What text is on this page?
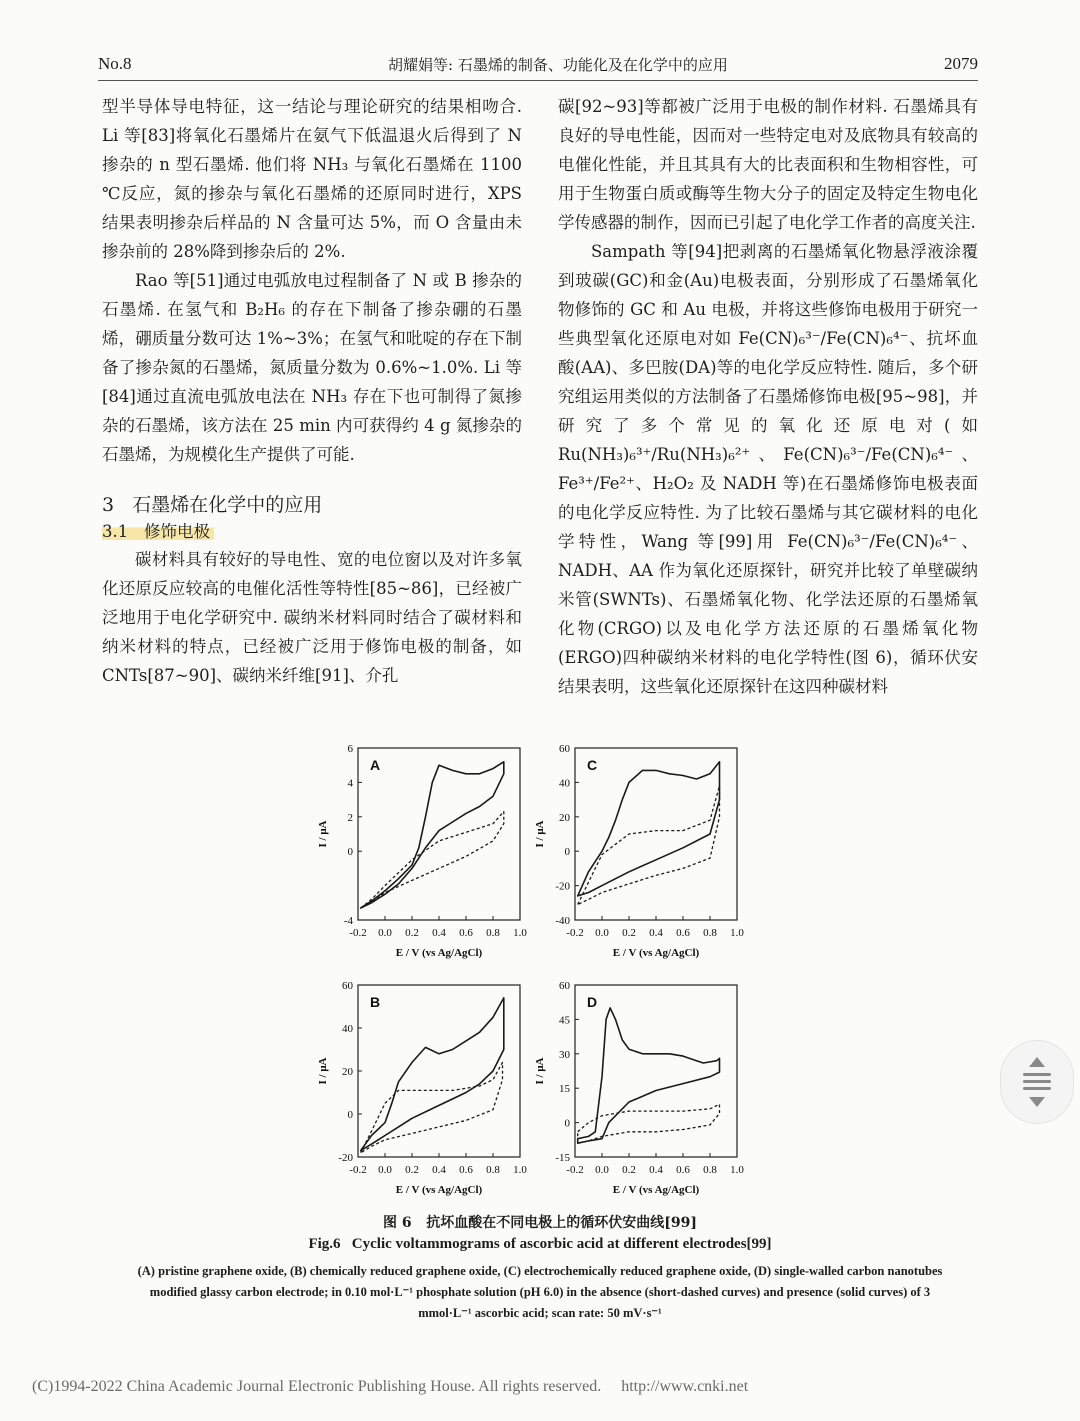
No.8	胡耀娟等: 石墨烯的制备、功能化及在化学中的应用	2079

型半导体导电特征，这一结论与理论研究的结果相吻合. Li 等[83]将氧化石墨烯片在氨气下低温退火后得到了 N 掺杂的 n 型石墨烯. 他们将 NH₃ 与氧化石墨烯在 1100 ℃反应，氮的掺杂与氧化石墨烯的还原同时进行，XPS 结果表明掺杂后样品的 N 含量可达 5%，而 O 含量由未掺杂前的 28%降到掺杂后的 2%.

Rao 等[51]通过电弧放电过程制备了 N 或 B 掺杂的石墨烯. 在氢气和 B₂H₆ 的存在下制备了掺杂硼的石墨烯，硼质量分数可达 1%~3%；在氢气和吡啶的存在下制备了掺杂氮的石墨烯，氮质量分数为 0.6%~1.0%. Li 等[84]通过直流电弧放电法在 NH₃ 存在下也可制得了氮掺杂的石墨烯，该方法在 25 min 内可获得约 4 g 氮掺杂的石墨烯，为规模化生产提供了可能.

3   石墨烯在化学中的应用
3.1   修饰电极

碳材料具有较好的导电性、宽的电位窗以及对许多氧化还原反应较高的电催化活性等特性[85~86]，已经被广泛地用于电化学研究中. 碳纳米材料同时结合了碳材料和纳米材料的特点，已经被广泛用于修饰电极的制备，如 CNTs[87~90]、碳纳米纤维[91]、介孔

碳[92~93]等都被广泛用于电极的制作材料. 石墨烯具有良好的导电性能，因而对一些特定电对及底物具有较高的电催化性能，并且其具有大的比表面积和生物相容性，可用于生物蛋白质或酶等生物大分子的固定及特定生物电化学传感器的制作，因而已引起了电化学工作者的高度关注.

Sampath 等[94]把剥离的石墨烯氧化物悬浮液涂覆到玻碳(GC)和金(Au)电极表面，分别形成了石墨烯氧化物修饰的 GC 和 Au 电极，并将这些修饰电极用于研究一些典型氧化还原电对如 Fe(CN)₆³⁻/Fe(CN)₆⁴⁻、抗坏血酸(AA)、多巴胺(DA)等的电化学反应特性. 随后，多个研究组运用类似的方法制备了石墨烯修饰电极[95~98]，并研究了多个常见的氧化还原电对(如 Ru(NH₃)₆³⁺/Ru(NH₃)₆²⁺、Fe(CN)₆³⁻/Fe(CN)₆⁴⁻、Fe³⁺/Fe²⁺、H₂O₂ 及 NADH 等)在石墨烯修饰电极表面的电化学反应特性. 为了比较石墨烯与其它碳材料的电化学特性，Wang 等[99]用 Fe(CN)₆³⁻/Fe(CN)₆⁴⁻、NADH、AA 作为氧化还原探针，研究并比较了单壁碳纳米管(SWNTs)、石墨烯氧化物、化学法还原的石墨烯氧化物(CRGO)以及电化学方法还原的石墨烯氧化物(ERGO)四种碳纳米材料的电化学特性(图 6)，循环伏安结果表明，这些氧化还原探针在这四种碳材料

A
-0.2 0.0 0.2 0.4 0.6 0.8 1.0
-4
0
2
4
6
E / V (vs Ag/AgCl)
I / μA
B
-0.2 0.0 0.2 0.4 0.6 0.8 1.0
-20
0
20
40
60
E / V (vs Ag/AgCl)
I / μA
C
-0.2 0.0 0.2 0.4 0.6 0.8 1.0
-40
-20
0
20
40
60
E / V (vs Ag/AgCl)
I / μA
D
-0.2 0.0 0.2 0.4 0.6 0.8 1.0
-15
0
15
30
45
60
E / V (vs Ag/AgCl)
I / μA
图 6   抗坏血酸在不同电极上的循环伏安曲线[99]
Fig.6   Cyclic voltammograms of ascorbic acid at different electrodes[99]
(A) pristine graphene oxide, (B) chemically reduced graphene oxide, (C) electrochemically reduced graphene oxide, (D) single-walled carbon nanotubes modified glassy carbon electrode; in 0.10 mol·L⁻¹ phosphate solution (pH 6.0) in the absence (short-dashed curves) and presence (solid curves) of 3 mmol·L⁻¹ ascorbic acid; scan rate: 50 mV·s⁻¹
(C)1994-2022 China Academic Journal Electronic Publishing House. All rights reserved.     http://www.cnki.net
